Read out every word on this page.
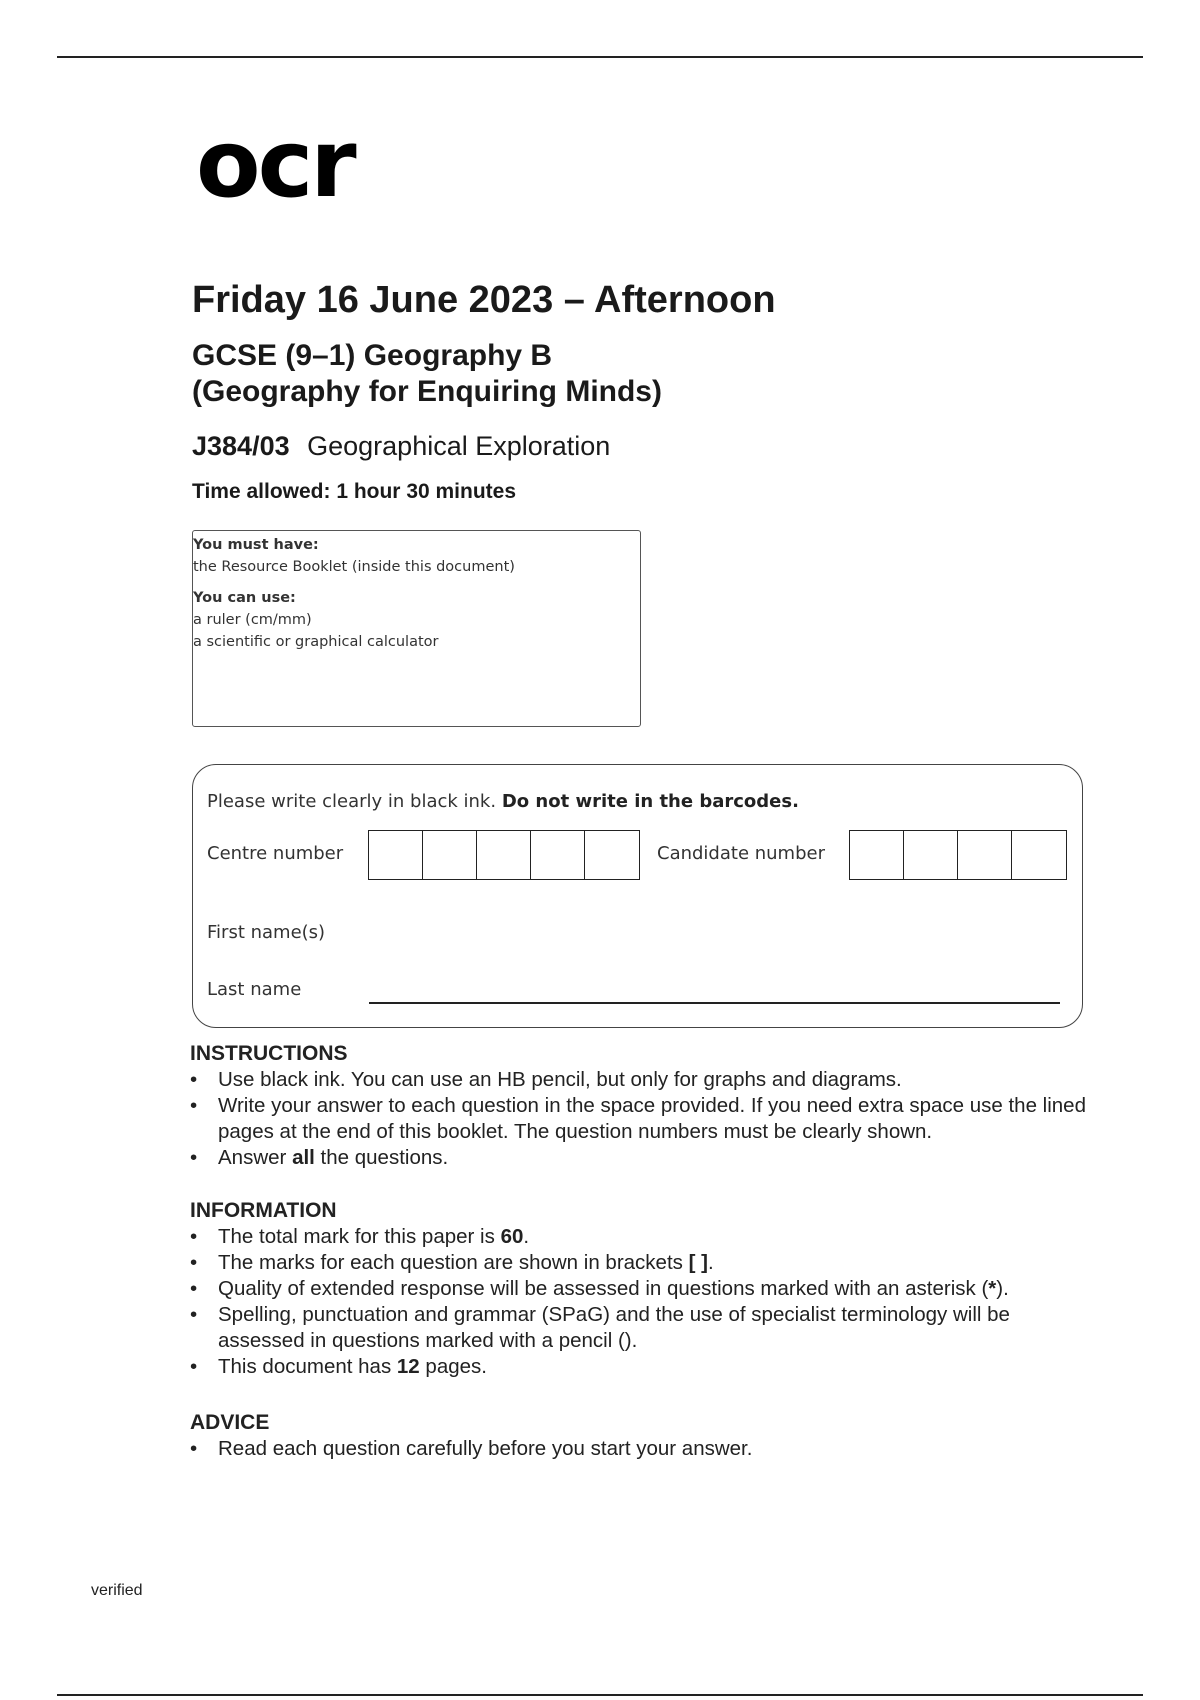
ocr
Friday 16 June 2023 – Afternoon
GCSE (9–1) Geography B
(Geography for Enquiring Minds)
J384/03 Geographical Exploration
Time allowed: 1 hour 30 minutes
You must have:
the Resource Booklet (inside this document)
You can use:
a ruler (cm/mm)
a scientific or graphical calculator
Please write clearly in black ink. Do not write in the barcodes.
Centre number	Candidate number
First name(s)
Last name
INSTRUCTIONS
• Use black ink. You can use an HB pencil, but only for graphs and diagrams.
• Write your answer to each question in the space provided. If you need extra space use the lined pages at the end of this booklet. The question numbers must be clearly shown.
• Answer all the questions.
INFORMATION
• The total mark for this paper is 60.
• The marks for each question are shown in brackets [ ].
• Quality of extended response will be assessed in questions marked with an asterisk (*).
• Spelling, punctuation and grammar (SPaG) and the use of specialist terminology will be assessed in questions marked with a pencil ().
• This document has 12 pages.
ADVICE
• Read each question carefully before you start your answer.
verified
